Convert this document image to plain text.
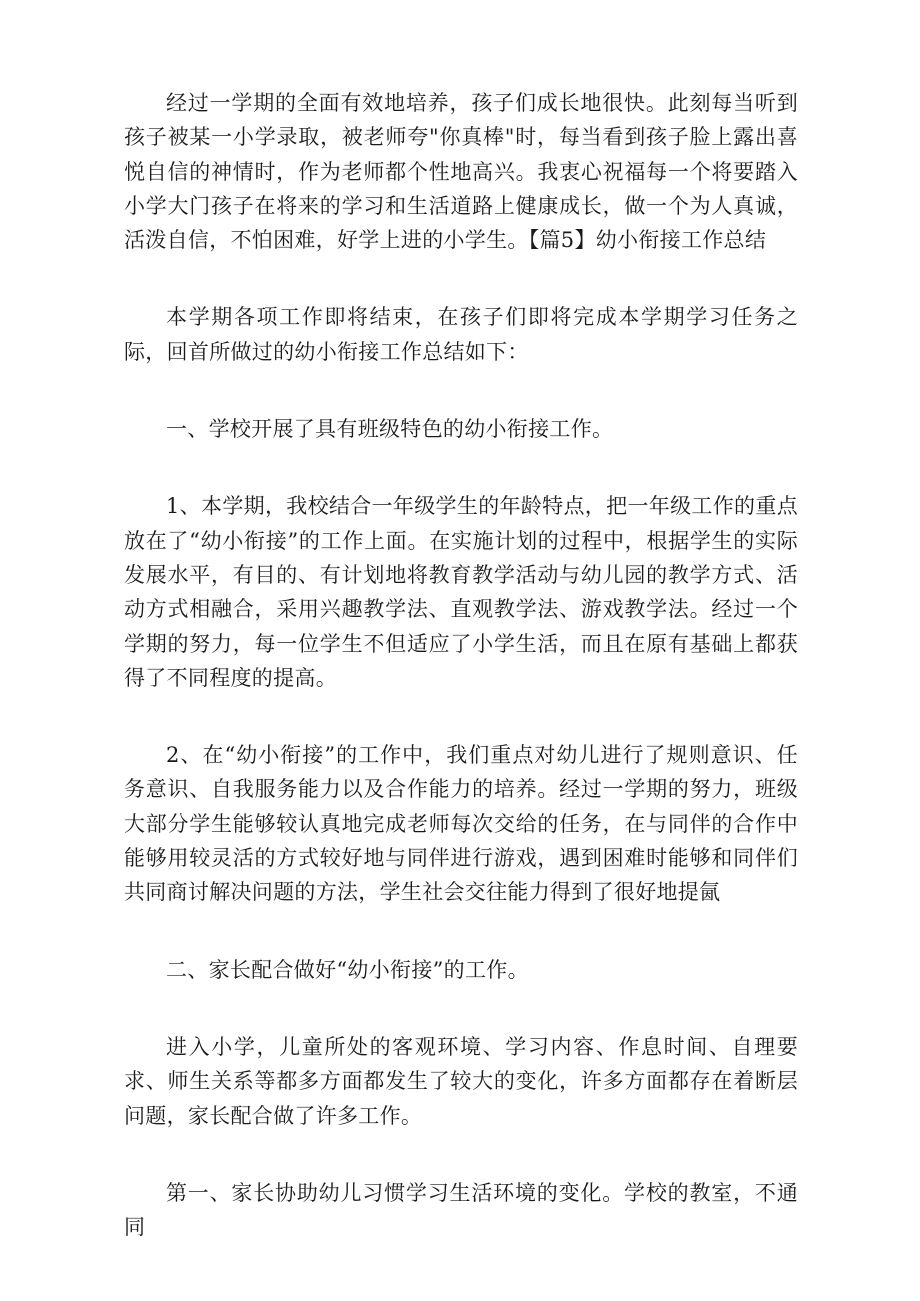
经过一学期的全面有效地培养，孩子们成长地很快。此刻每当听到孩子被某一小学录取，被老师夸"你真棒"时，每当看到孩子脸上露出喜悦自信的神情时，作为老师都个性地高兴。我衷心祝福每一个将要踏入小学大门孩子在将来的学习和生活道路上健康成长，做一个为人真诚，活泼自信，不怕困难，好学上进的小学生。【篇5】幼小衔接工作总结

本学期各项工作即将结束，在孩子们即将完成本学期学习任务之际，回首所做过的幼小衔接工作总结如下：

一、学校开展了具有班级特色的幼小衔接工作。

1、本学期，我校结合一年级学生的年龄特点，把一年级工作的重点放在了“幼小衔接”的工作上面。在实施计划的过程中，根据学生的实际发展水平，有目的、有计划地将教育教学活动与幼儿园的教学方式、活动方式相融合，采用兴趣教学法、直观教学法、游戏教学法。经过一个学期的努力，每一位学生不但适应了小学生活，而且在原有基础上都获得了不同程度的提高。

2、在“幼小衔接”的工作中，我们重点对幼儿进行了规则意识、任务意识、自我服务能力以及合作能力的培养。经过一学期的努力，班级大部分学生能够较认真地完成老师每次交给的任务，在与同伴的合作中能够用较灵活的方式较好地与同伴进行游戏，遇到困难时能够和同伴们共同商讨解决问题的方法，学生社会交往能力得到了很好地提氤

二、家长配合做好“幼小衔接”的工作。

进入小学，儿童所处的客观环境、学习内容、作息时间、自理要求、师生关系等都多方面都发生了较大的变化，许多方面都存在着断层问题，家长配合做了许多工作。

第一、家长协助幼儿习惯学习生活环境的变化。学校的教室，不通同
